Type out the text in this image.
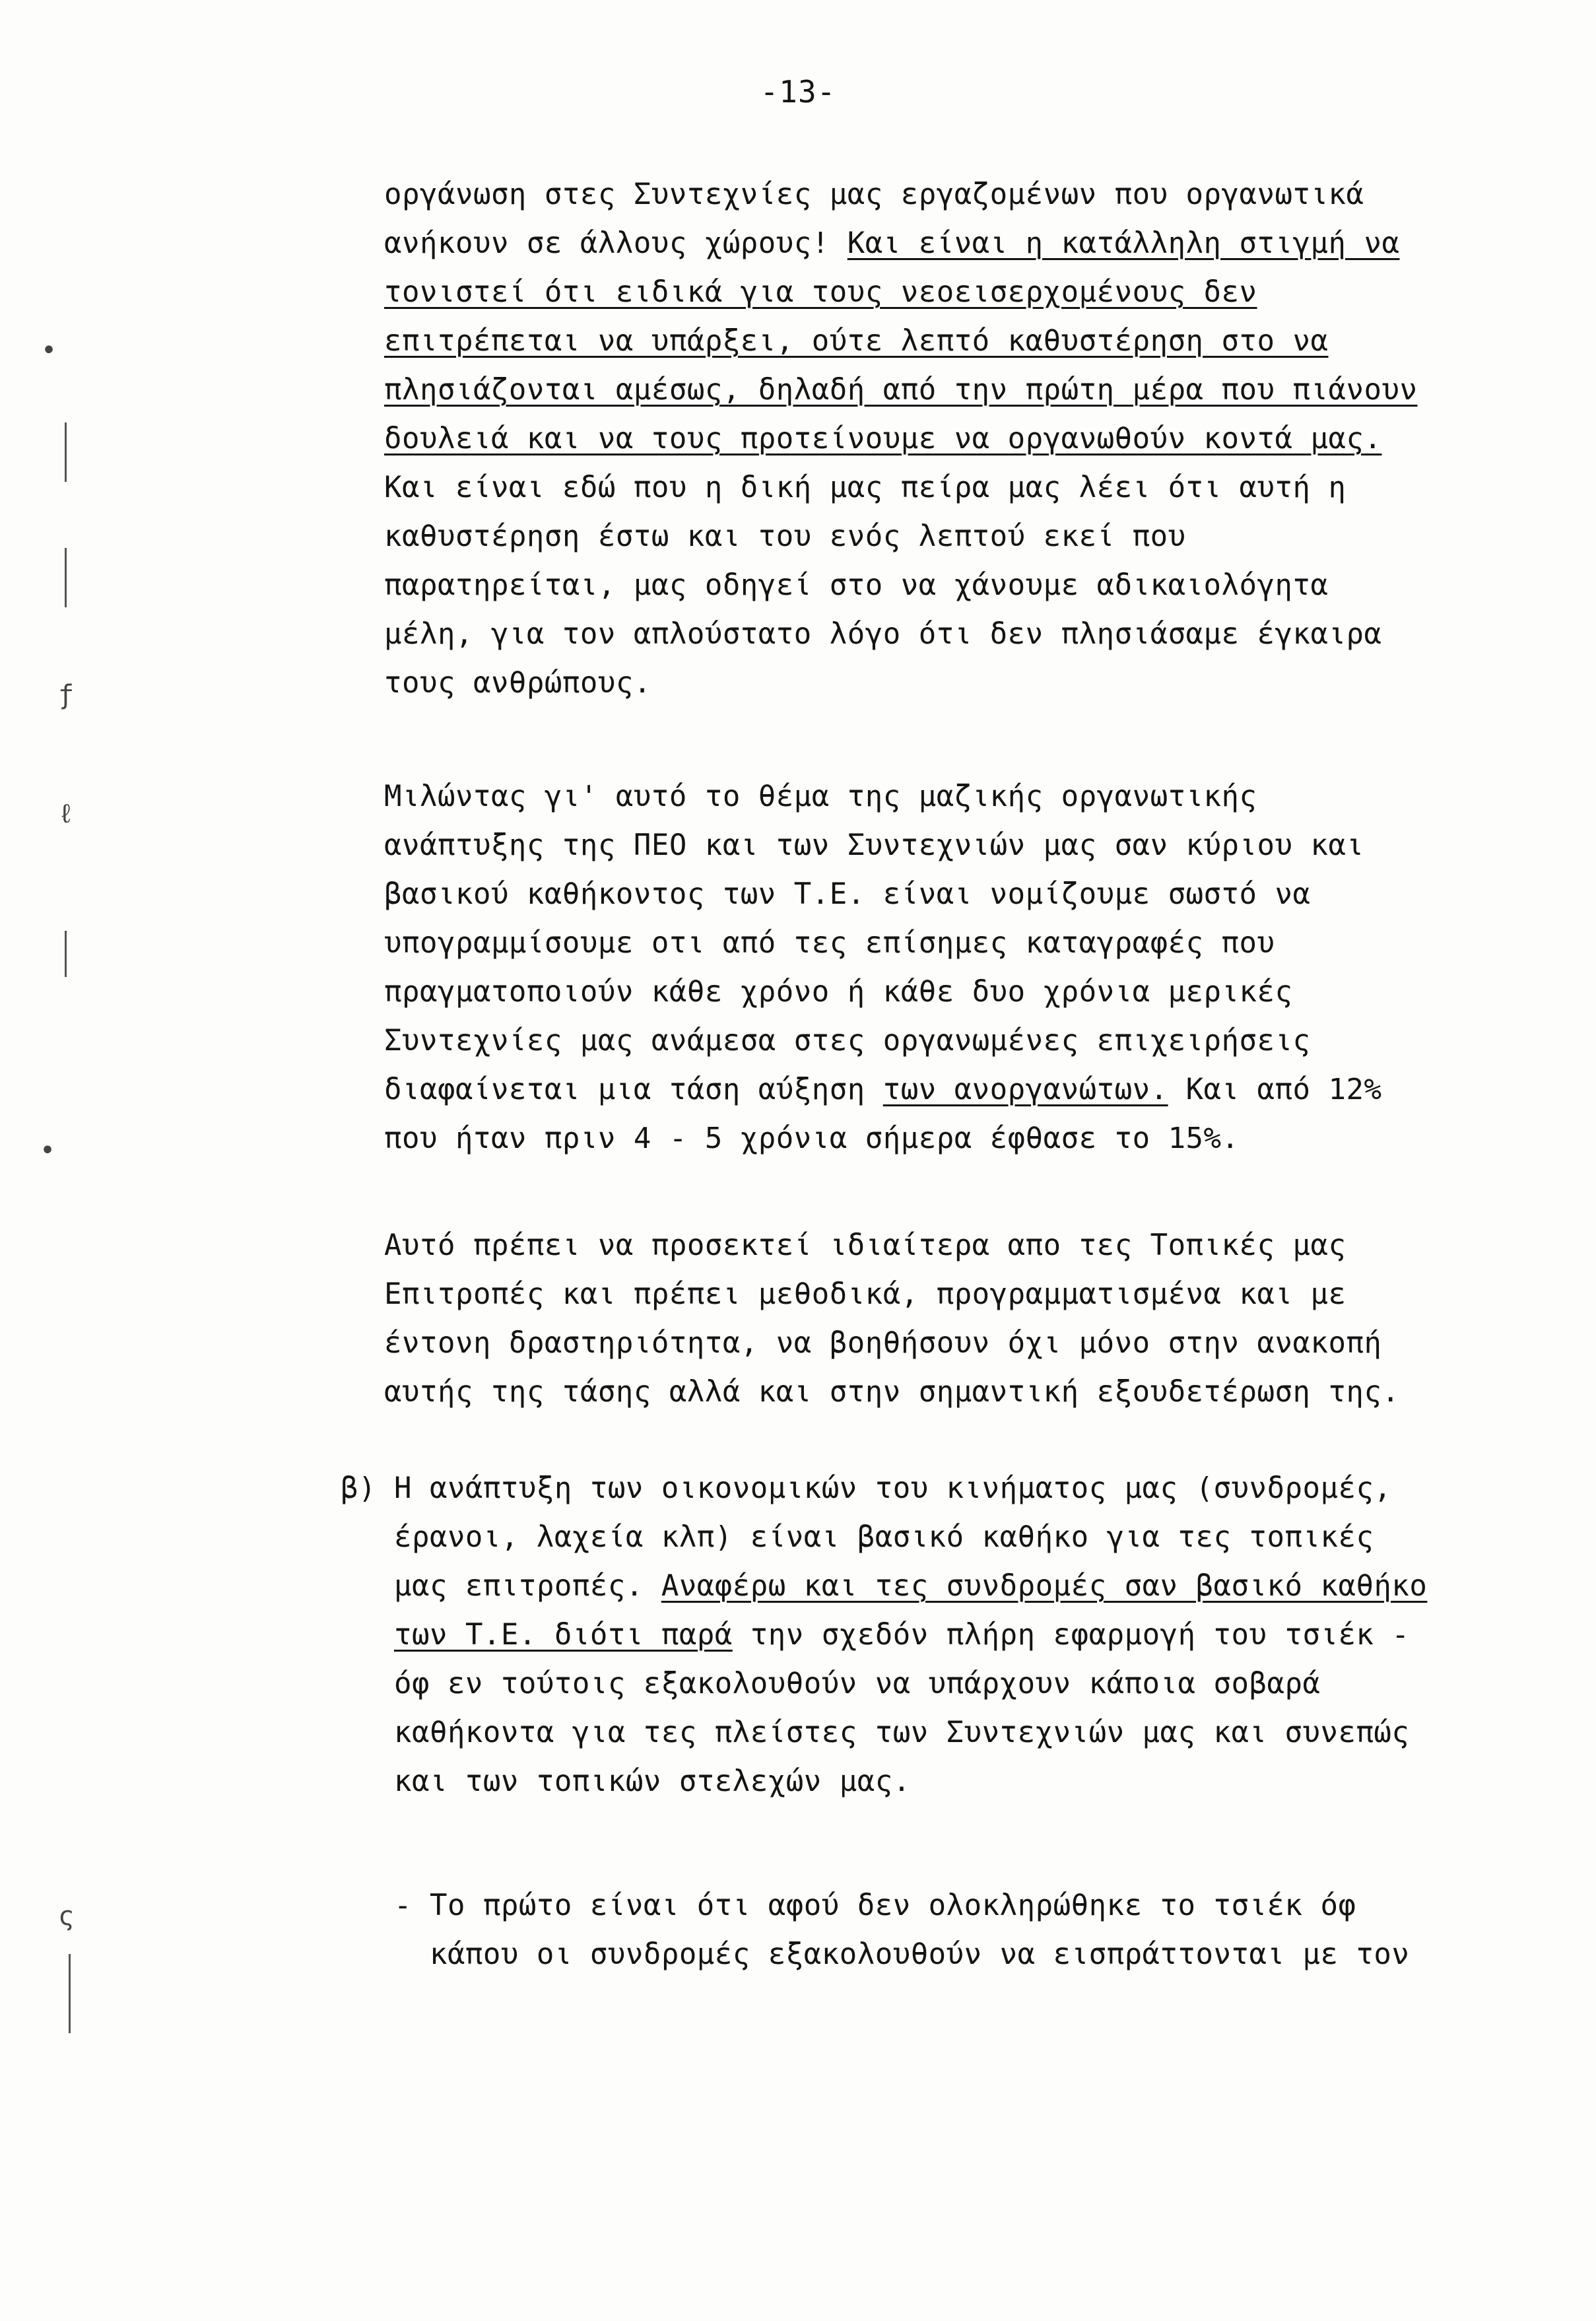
-13-
οργάνωση στες Συντεχνίες μας εργαζομένων που οργανωτικά
ανήκουν σε άλλους χώρους! Και είναι η κατάλληλη στιγμή να
τονιστεί ότι ειδικά για τους νεοεισερχομένους δεν
επιτρέπεται να υπάρξει, ούτε λεπτό καθυστέρηση στο να
πλησιάζονται αμέσως, δηλαδή από την πρώτη μέρα που πιάνουν
δουλειά και να τους προτείνουμε να οργανωθούν κοντά μας.
Και είναι εδώ που η δική μας πείρα μας λέει ότι αυτή η
καθυστέρηση έστω και του ενός λεπτού εκεί που
παρατηρείται, μας οδηγεί στο να χάνουμε αδικαιολόγητα
μέλη, για τον απλούστατο λόγο ότι δεν πλησιάσαμε έγκαιρα
τους ανθρώπους.
Μιλώντας γι' αυτό το θέμα της μαζικής οργανωτικής
ανάπτυξης της ΠΕΟ και των Συντεχνιών μας σαν κύριου και
βασικού καθήκοντος των Τ.Ε. είναι νομίζουμε σωστό να
υπογραμμίσουμε οτι από τες επίσημες καταγραφές που
πραγματοποιούν κάθε χρόνο ή κάθε δυο χρόνια μερικές
Συντεχνίες μας ανάμεσα στες οργανωμένες επιχειρήσεις
διαφαίνεται μια τάση αύξηση των ανοργανώτων. Και από 12%
που ήταν πριν 4 - 5 χρόνια σήμερα έφθασε το 15%.
Αυτό πρέπει να προσεκτεί ιδιαίτερα απο τες Τοπικές μας
Επιτροπές και πρέπει μεθοδικά, προγραμματισμένα και με
έντονη δραστηριότητα, να βοηθήσουν όχι μόνο στην ανακοπή
αυτής της τάσης αλλά και στην σημαντική εξουδετέρωση της.
β) Η ανάπτυξη των οικονομικών του κινήματος μας (συνδρομές,
έρανοι, λαχεία κλπ) είναι βασικό καθήκο για τες τοπικές
μας επιτροπές. Αναφέρω και τες συνδρομές σαν βασικό καθήκο
των Τ.Ε. διότι παρά την σχεδόν πλήρη εφαρμογή του τσιέκ -
όφ εν τούτοις εξακολουθούν να υπάρχουν κάποια σοβαρά
καθήκοντα για τες πλείστες των Συντεχνιών μας και συνεπώς
και των τοπικών στελεχών μας.
- Το πρώτο είναι ότι αφού δεν ολοκληρώθηκε το τσιέκ όφ
κάπου οι συνδρομές εξακολουθούν να εισπράττονται με τον
•
ƒ
ℓ
•
ς
